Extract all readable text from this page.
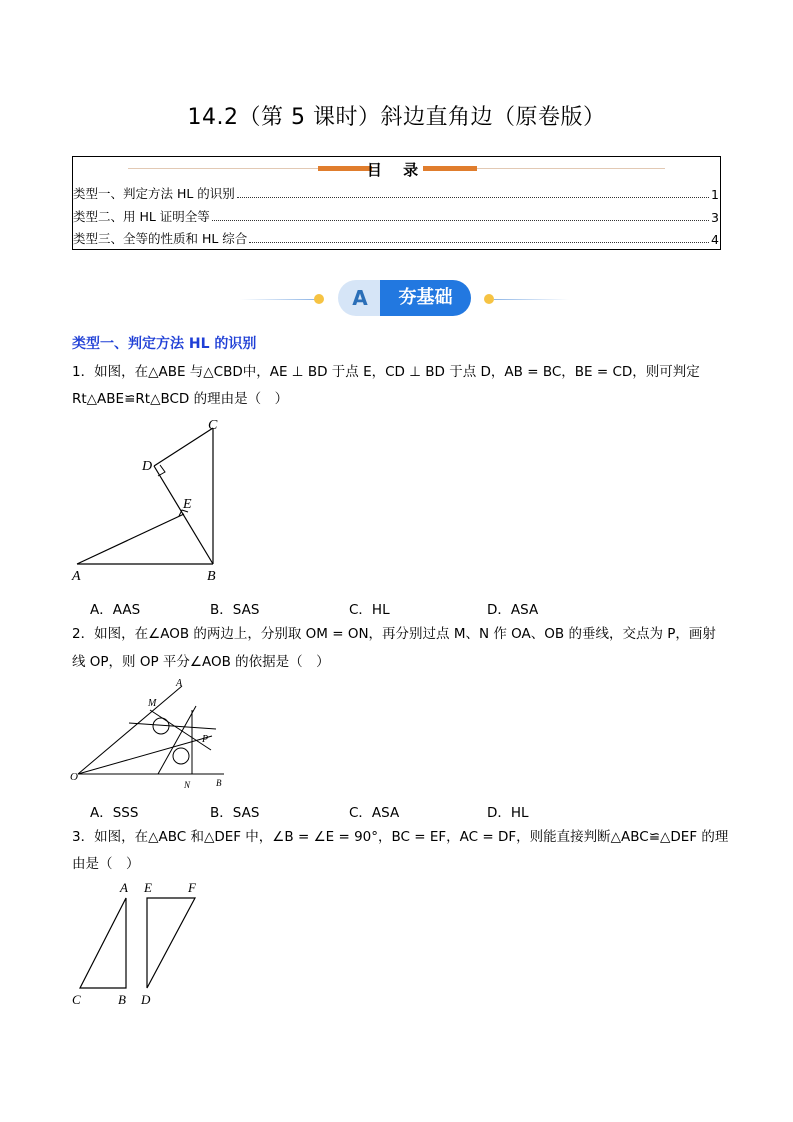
14.2（第 5 课时）斜边直角边（原卷版）
目 录
类型一、判定方法 HL 的识别	1
类型二、用 HL 证明全等	3
类型三、全等的性质和 HL 综合	4
A	夯基础
类型一、判定方法 HL 的识别
1．如图，在△ABE 与△CBD中，AE ⊥ BD 于点 E，CD ⊥ BD 于点 D，AB = BC，BE = CD，则可判定
Rt△ABE≌Rt△BCD 的理由是（　）
C
D
E
A	B
A．AAS	B．SAS	C．HL	D．ASA
2．如图，在∠AOB 的两边上，分别取 OM = ON，再分别过点 M、N 作 OA、OB 的垂线，交点为 P，画射
线 OP，则 OP 平分∠AOB 的依据是（　）
A
M
P
O
N	B
A．SSS	B．SAS	C．ASA	D．HL
3．如图，在△ABC 和△DEF 中，∠B = ∠E = 90°，BC = EF，AC = DF，则能直接判断△ABC≌△DEF 的理
由是（　）
A E	F
C	B D
